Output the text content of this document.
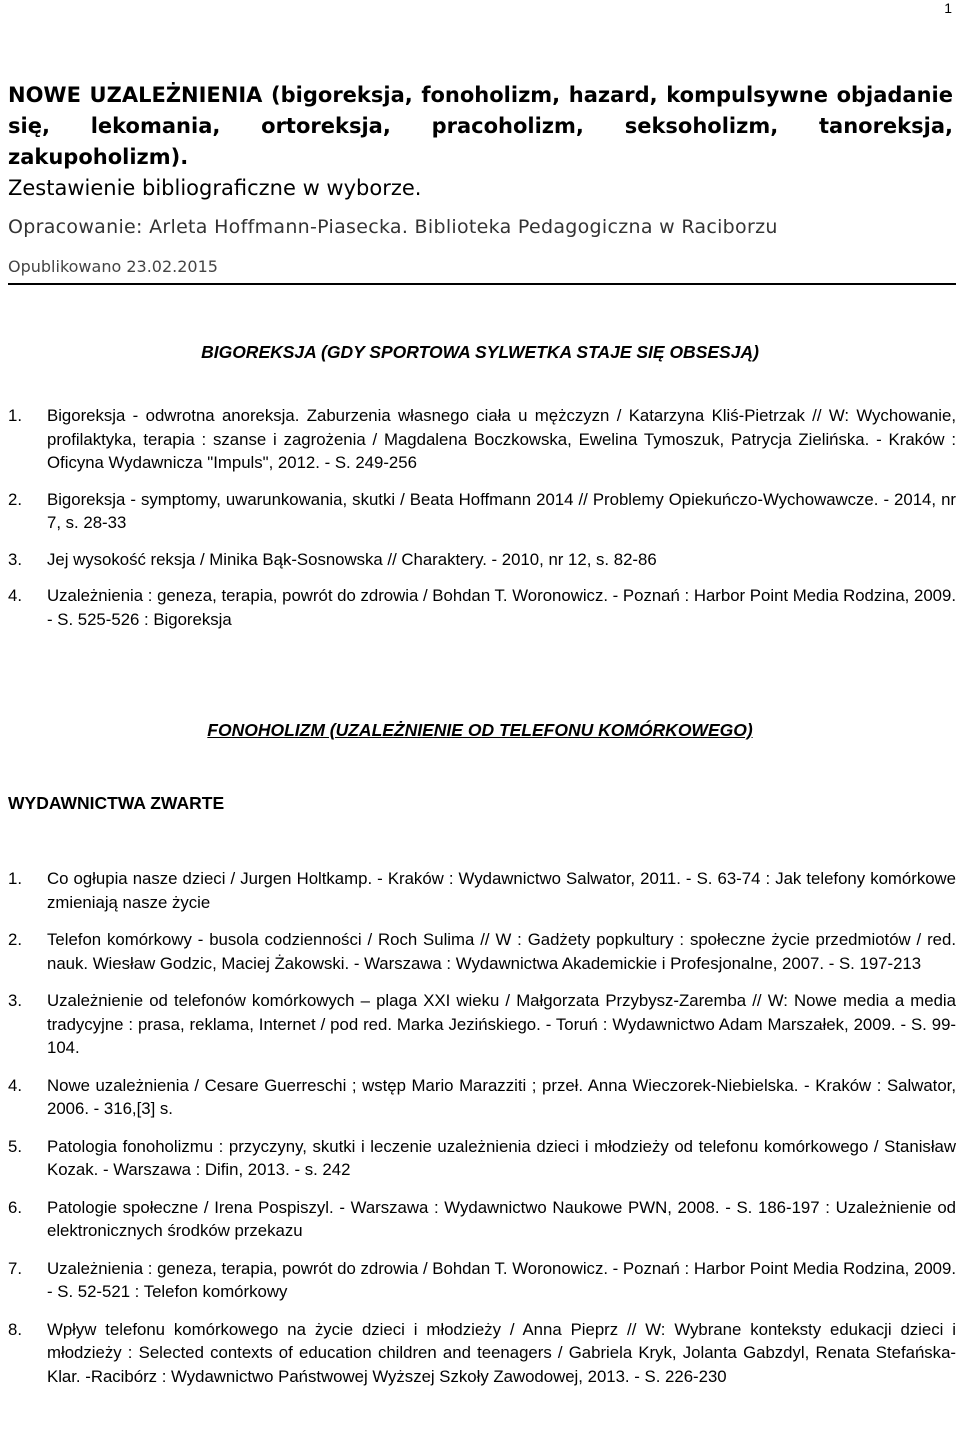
1

NOWE UZALEŻNIENIA (bigoreksja, fonoholizm, hazard, kompulsywne objadanie się, lekomania, ortoreksja, pracoholizm, seksoholizm, tanoreksja, zakupoholizm).

Zestawienie bibliograficzne w wyborze.

Opracowanie: Arleta Hoffmann-Piasecka. Biblioteka Pedagogiczna w Raciborzu

Opublikowano 23.02.2015

BIGOREKSJA (GDY SPORTOWA SYLWETKA STAJE SIĘ OBSESJĄ)
1.	Bigoreksja - odwrotna anoreksja. Zaburzenia własnego ciała u mężczyzn / Katarzyna Kliś-Pietrzak // W: Wychowanie, profilaktyka, terapia : szanse i zagrożenia / Magdalena Boczkowska, Ewelina Tymoszuk, Patrycja Zielińska. - Kraków : Oficyna Wydawnicza "Impuls", 2012. - S. 249-256
2.	Bigoreksja - symptomy, uwarunkowania, skutki / Beata Hoffmann 2014 // Problemy Opiekuńczo-Wychowawcze. - 2014, nr 7, s. 28-33
3.	Jej wysokość reksja / Minika Bąk-Sosnowska // Charaktery. - 2010, nr 12, s. 82-86
4.	Uzależnienia : geneza, terapia, powrót do zdrowia / Bohdan T. Woronowicz. - Poznań : Harbor Point Media Rodzina, 2009. - S. 525-526 : Bigoreksja
FONOHOLIZM (UZALEŻNIENIE OD TELEFONU KOMÓRKOWEGO)
WYDAWNICTWA ZWARTE
1.	Co ogłupia nasze dzieci / Jurgen Holtkamp. - Kraków : Wydawnictwo Salwator, 2011. - S. 63-74 : Jak telefony komórkowe zmieniają nasze życie
2.	Telefon komórkowy - busola codzienności / Roch Sulima // W : Gadżety popkultury : społeczne życie przedmiotów / red. nauk. Wiesław Godzic, Maciej Żakowski. - Warszawa : Wydawnictwa Akademickie i Profesjonalne, 2007. - S. 197-213
3.	Uzależnienie od telefonów komórkowych – plaga XXI wieku / Małgorzata Przybysz-Zaremba // W: Nowe media a media tradycyjne : prasa, reklama, Internet / pod red. Marka Jezińskiego. - Toruń : Wydawnictwo Adam Marszałek, 2009. - S. 99-104.
4.	Nowe uzależnienia / Cesare Guerreschi ; wstęp Mario Marazziti ; przeł. Anna Wieczorek-Niebielska. - Kraków : Salwator, 2006. - 316,[3] s.
5.	Patologia fonoholizmu : przyczyny, skutki i leczenie uzależnienia dzieci i młodzieży od telefonu komórkowego / Stanisław Kozak. - Warszawa : Difin, 2013. - s. 242
6.	Patologie społeczne / Irena Pospiszyl. - Warszawa : Wydawnictwo Naukowe PWN, 2008. - S. 186-197 : Uzależnienie od elektronicznych środków przekazu
7.	Uzależnienia : geneza, terapia, powrót do zdrowia / Bohdan T. Woronowicz. - Poznań : Harbor Point Media Rodzina, 2009. - S. 52-521 : Telefon komórkowy
8.	Wpływ telefonu komórkowego na życie dzieci i młodzieży / Anna Pieprz // W: Wybrane konteksty edukacji dzieci i młodzieży : Selected contexts of education children and teenagers / Gabriela Kryk, Jolanta Gabzdyl, Renata Stefańska-Klar. -Racibórz : Wydawnictwo Państwowej Wyższej Szkoły Zawodowej, 2013. - S. 226-230
